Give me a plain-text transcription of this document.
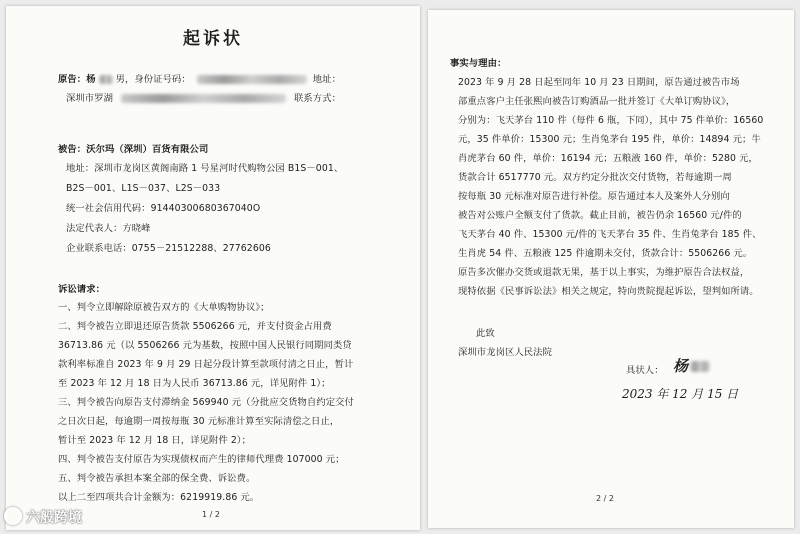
起诉状
原告：杨 男，身份证号码：	地址：
深圳市罗湖	联系方式：
被告：沃尔玛（深圳）百货有限公司
地址：深圳市龙岗区黄阁南路 1 号星河时代购物公园 B1S－001、
B2S－001、L1S－037、L2S－033
统一社会信用代码：91440300680367040O
法定代表人：方晓峰
企业联系电话：0755－21512288、27762606
诉讼请求：
一、判令立即解除原被告双方的《大单购物协议》；
二、判令被告立即退还原告货款 5506266 元，并支付资金占用费
36713.86 元（以 5506266 元为基数，按照中国人民银行同期同类贷
款利率标准自 2023 年 9 月 29 日起分段计算至款项付清之日止，暂计
至 2023 年 12 月 18 日为人民币 36713.86 元，详见附件 1）；
三、判令被告向原告支付滞纳金 569940 元（分批应交货物自约定交付
之日次日起，每逾期一周按每瓶 30 元标准计算至实际清偿之日止，
暂计至 2023 年 12 月 18 日，详见附件 2）；
四、判令被告支付原告为实现债权而产生的律师代理费 107000 元；
五、判令被告承担本案全部的保全费、诉讼费。
以上二至四项共合计金额为：6219919.86 元。
1 / 2
事实与理由：
2023 年 9 月 28 日起至同年 10 月 23 日期间，原告通过被告市场
部重点客户主任张熙向被告订购酒品一批并签订《大单订购协议》，
分别为：飞天茅台 110 件（每件 6 瓶，下同），其中 75 件单价：16560
元，35 件单价：15300 元；生肖兔茅台 195 件，单价：14894 元；牛
肖虎茅台 60 件，单价：16194 元；五粮液 160 件，单价：5280 元，
货款合计 6517770 元。双方约定分批次交付货物，若每逾期一周
按每瓶 30 元标准对原告进行补偿。原告通过本人及案外人分别向
被告对公账户全额支付了货款。截止目前，被告仍余 16560 元/件的
飞天茅台 40 件、15300 元/件的飞天茅台 35 件、生肖兔茅台 185 件、
生肖虎 54 件、五粮液 125 件逾期未交付，货款合计：5506266 元。
原告多次催办交货或退款无果，基于以上事实，为维护原告合法权益，
现特依据《民事诉讼法》相关之规定，特向贵院提起诉讼，望判如所请。
此致
深圳市龙岗区人民法院
具状人： 杨
2023 年 12 月 15 日
2 / 2
六般跨境
